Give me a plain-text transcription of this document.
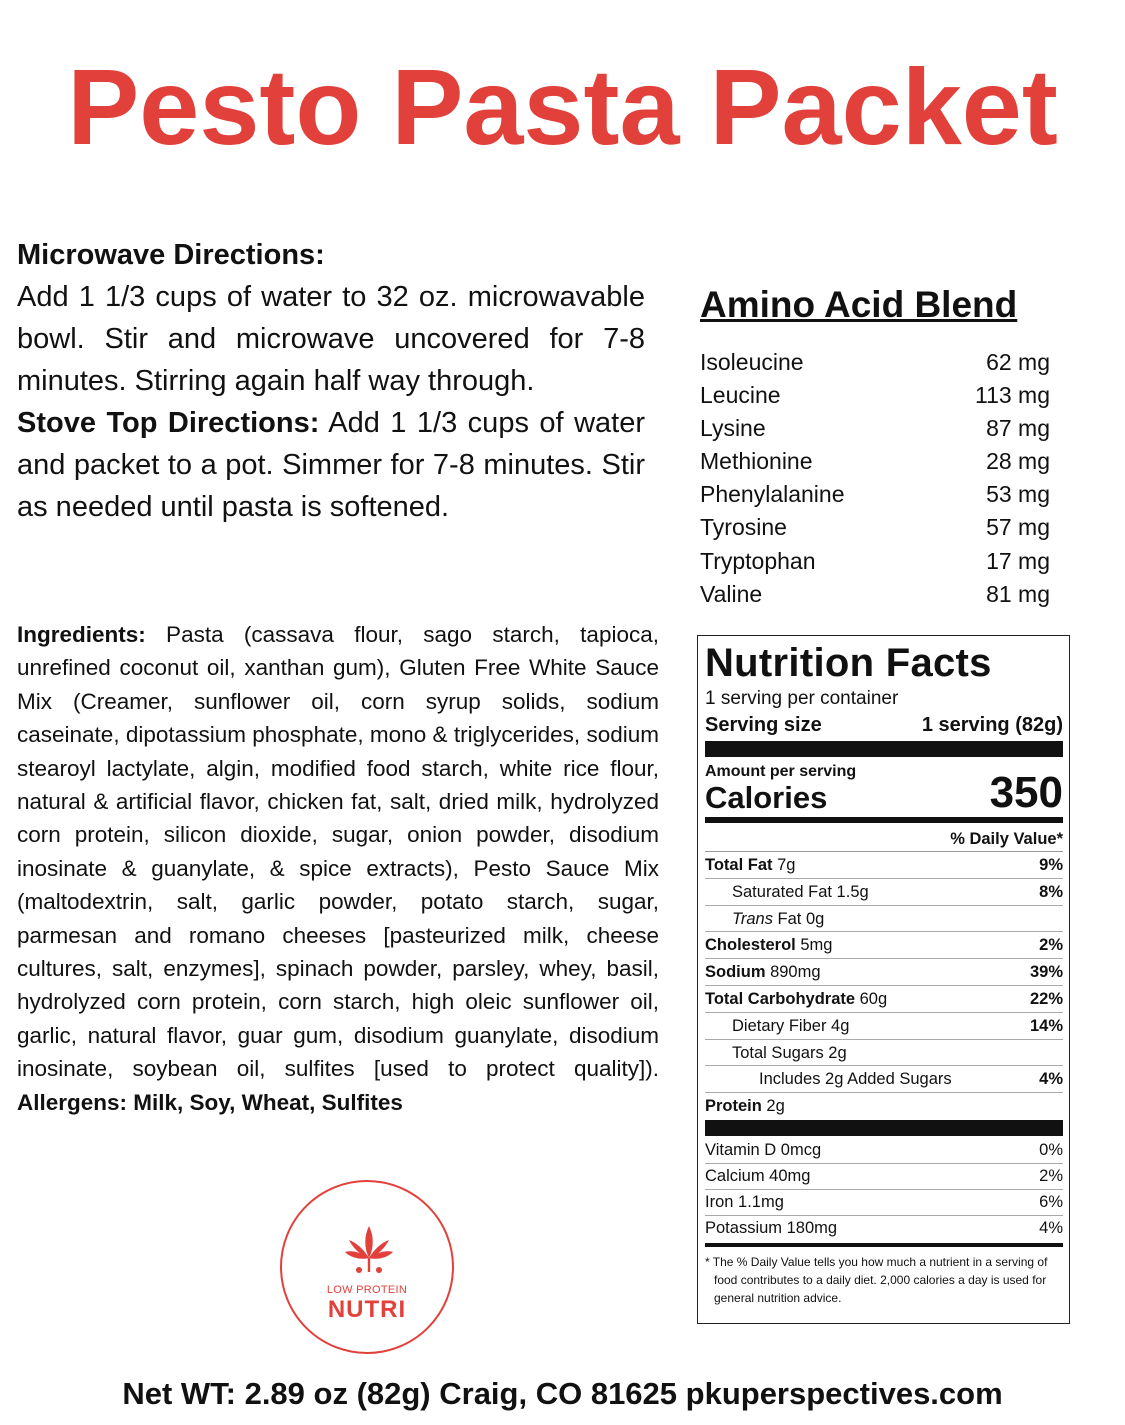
Pesto Pasta Packet
Microwave Directions:

Add 1 1/3 cups of water to 32 oz. microwavable bowl. Stir and microwave uncovered for 7-8 minutes. Stirring again half way through.

Stove Top Directions: Add 1 1/3 cups of water and packet to a pot. Simmer for 7-8 minutes. Stir as needed until pasta is softened.

Ingredients: Pasta (cassava flour, sago starch, tapioca, unrefined coconut oil, xanthan gum), Gluten Free White Sauce Mix (Creamer, sunflower oil, corn syrup solids, sodium caseinate, dipotassium phosphate, mono & triglycerides, sodium stearoyl lactylate, algin, modified food starch, white rice flour, natural & artificial flavor, chicken fat, salt, dried milk, hydrolyzed corn protein, silicon dioxide, sugar, onion powder, disodium inosinate & guanylate, & spice extracts), Pesto Sauce Mix (maltodextrin, salt, garlic powder, potato starch, sugar, parmesan and romano cheeses [pasteurized milk, cheese cultures, salt, enzymes], spinach powder, parsley, whey, basil, hydrolyzed corn protein, corn starch, high oleic sunflower oil, garlic, natural flavor, guar gum, disodium guanylate, disodium inosinate, soybean oil, sulfites [used to protect quality]). Allergens: Milk, Soy, Wheat, Sulfites
Amino Acid Blend
Isoleucine	62 mg
Leucine	113 mg
Lysine	87 mg
Methionine	28 mg
Phenylalanine	53 mg
Tyrosine	57 mg
Tryptophan	17 mg
Valine	81 mg
Nutrition Facts
1 serving per container
Serving size	1 serving (82g)
Amount per serving
Calories	350
% Daily Value*
Total Fat 7g	9%
Saturated Fat 1.5g	8%
Trans Fat 0g
Cholesterol 5mg	2%
Sodium 890mg	39%
Total Carbohydrate 60g	22%
Dietary Fiber 4g	14%
Total Sugars 2g
Includes 2g Added Sugars	4%
Protein 2g
Vitamin D 0mcg	0%
Calcium 40mg	2%
Iron 1.1mg	6%
Potassium 180mg	4%
* The % Daily Value tells you how much a nutrient in a serving of food contributes to a daily diet. 2,000 calories a day is used for general nutrition advice.
LOW PROTEIN
NUTRI
Net WT: 2.89 oz (82g) Craig, CO 81625 pkuperspectives.com
